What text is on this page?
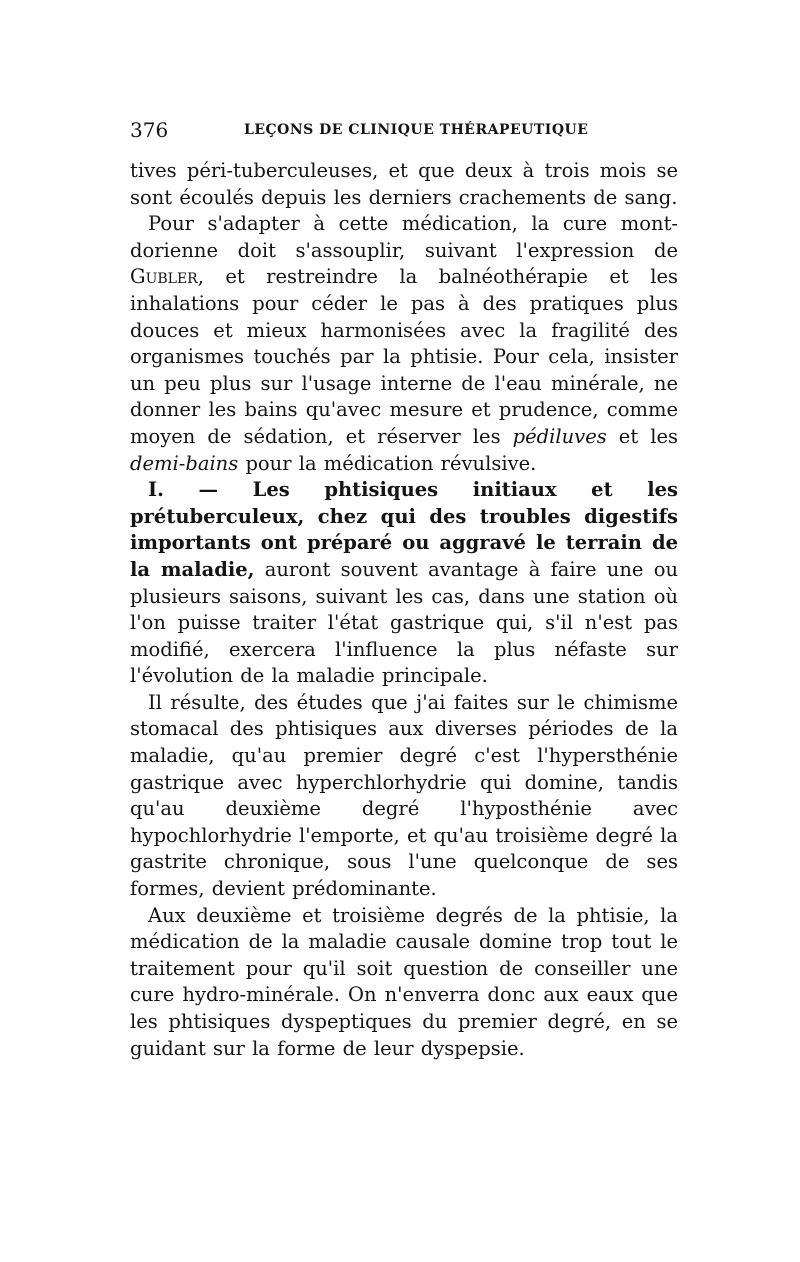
376	LEÇONS DE CLINIQUE THÉRAPEUTIQUE

tives péri-tuberculeuses, et que deux à trois mois se sont écoulés depuis les derniers crachements de sang.

Pour s'adapter à cette médication, la cure mont-dorienne doit s'assouplir, suivant l'expression de Gubler, et restreindre la balnéothérapie et les inhalations pour céder le pas à des pratiques plus douces et mieux harmonisées avec la fragilité des organismes touchés par la phtisie. Pour cela, insister un peu plus sur l'usage interne de l'eau minérale, ne donner les bains qu'avec mesure et prudence, comme moyen de sédation, et réserver les pédiluves et les demi-bains pour la médication révulsive.

I. — Les phtisiques initiaux et les prétuberculeux, chez qui des troubles digestifs importants ont préparé ou aggravé le terrain de la maladie, auront souvent avantage à faire une ou plusieurs saisons, suivant les cas, dans une station où l'on puisse traiter l'état gastrique qui, s'il n'est pas modifié, exercera l'influence la plus néfaste sur l'évolution de la maladie principale.

Il résulte, des études que j'ai faites sur le chimisme stomacal des phtisiques aux diverses périodes de la maladie, qu'au premier degré c'est l'hypersthénie gastrique avec hyperchlorhydrie qui domine, tandis qu'au deuxième degré l'hyposthénie avec hypochlorhydrie l'emporte, et qu'au troisième degré la gastrite chronique, sous l'une quelconque de ses formes, devient prédominante.

Aux deuxième et troisième degrés de la phtisie, la médication de la maladie causale domine trop tout le traitement pour qu'il soit question de conseiller une cure hydro-minérale. On n'enverra donc aux eaux que les phtisiques dyspeptiques du premier degré, en se guidant sur la forme de leur dyspepsie.
